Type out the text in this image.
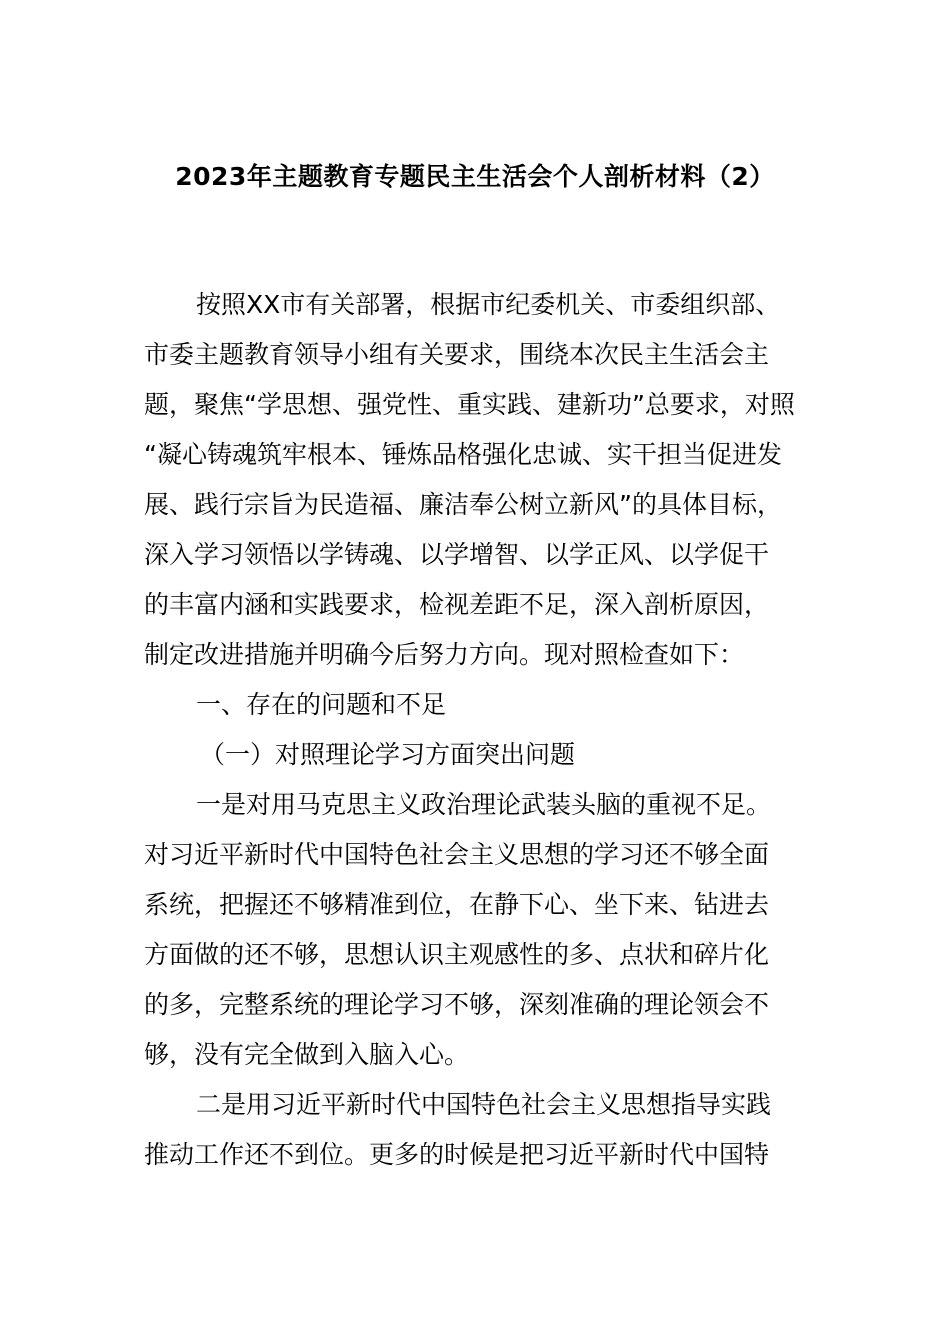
2023年主题教育专题民主生活会个人剖析材料（2）
按照XX市有关部署，根据市纪委机关、市委组织部、
市委主题教育领导小组有关要求，围绕本次民主生活会主
题，聚焦“学思想、强党性、重实践、建新功”总要求，对照
“凝心铸魂筑牢根本、锤炼品格强化忠诚、实干担当促进发
展、践行宗旨为民造福、廉洁奉公树立新风”的具体目标，
深入学习领悟以学铸魂、以学增智、以学正风、以学促干
的丰富内涵和实践要求，检视差距不足，深入剖析原因，
制定改进措施并明确今后努力方向。现对照检查如下：
一、存在的问题和不足
（一）对照理论学习方面突出问题
一是对用马克思主义政治理论武装头脑的重视不足。
对习近平新时代中国特色社会主义思想的学习还不够全面
系统，把握还不够精准到位，在静下心、坐下来、钻进去
方面做的还不够，思想认识主观感性的多、点状和碎片化
的多，完整系统的理论学习不够，深刻准确的理论领会不
够，没有完全做到入脑入心。
二是用习近平新时代中国特色社会主义思想指导实践
推动工作还不到位。更多的时候是把习近平新时代中国特
